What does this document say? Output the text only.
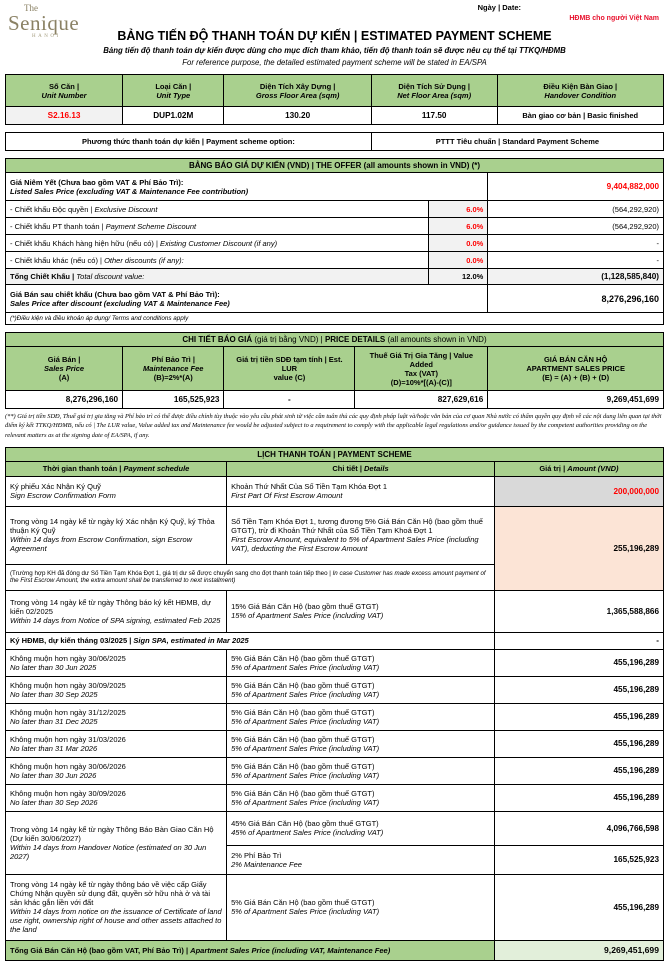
The
Senique
HANOI
Ngày | Date:
HĐMB cho người Việt Nam
BẢNG TIẾN ĐỘ THANH TOÁN DỰ KIẾN | ESTIMATED PAYMENT SCHEME
Bảng tiến độ thanh toán dự kiến được dùng cho mục đích tham khảo, tiến độ thanh toán sẽ được nêu cụ thể tại TTKQ/HĐMB
For reference purpose, the detailed estimated payment scheme will be stated in EA/SPA
Số Căn |
Unit Number	Loại Căn |
Unit Type	Diện Tích Xây Dựng |
Gross Floor Area (sqm)	Diện Tích Sử Dụng |
Net Floor Area (sqm)	Điều Kiện Bàn Giao |
Handover Condition

S2.16.13	DUP1.02M	130.20	117.50	Bàn giao cơ bản | Basic finished
Phương thức thanh toán dự kiến | Payment scheme option:	PTTT Tiêu chuẩn | Standard Payment Scheme
BẢNG BÁO GIÁ DỰ KIẾN (VND) | THE OFFER (all amounts shown in VND) (*)		

Giá Niêm Yết (Chưa bao gồm VAT & Phí Bảo Trì):
Listed Sales Price (excluding VAT & Maintenance Fee contribution)		9,404,882,000
- Chiết khấu Độc quyền | Exclusive Discount	6.0%	(564,292,920)
- Chiết khấu PT thanh toán | Payment Scheme Discount	6.0%	(564,292,920)
- Chiết khấu Khách hàng hiện hữu (nếu có) | Existing Customer Discount (if any)	0.0%	-
- Chiết khấu khác (nếu có) | Other discounts (if any):	0.0%	-
Tổng Chiết Khấu | Total discount value:	12.0%	(1,128,585,840)

Giá Bán sau chiết khấu (Chưa bao gồm VAT & Phí Bảo Trì):
Sales Price after discount (excluding VAT & Maintenance Fee)		8,276,296,160
(*)Điều kiện và điều khoản áp dụng/ Terms and conditions apply		
CHI TIẾT BÁO GIÁ (giá trị bằng VND) | PRICE DETAILS (all amounts shown in VND)				

Giá Bán |
Sales Price
(A)	Phí Bảo Trì |
Maintenance Fee
(B)=2%*(A)	Giá trị tiền SDĐ tạm tính | Est. LUR
value (C)	Thuế Giá Trị Gia Tăng | Value Added
Tax (VAT)
(D)=10%*[(A)-(C)]	GIÁ BÁN CĂN HỘ
APARTMENT SALES PRICE
(E) = (A) + (B) + (D)

8,276,296,160	165,525,923	-	827,629,616	9,269,451,699
(**) Giá trị tiền SDĐ, Thuế giá trị gia tăng và Phí bảo trì có thể được điều chỉnh tùy thuộc vào yêu cầu phát sinh từ việc cần tuân thủ các quy định pháp luật và/hoặc văn bản của cơ quan Nhà nước có thẩm quyền quy định về các nội dung liên quan tại thời điểm ký kết TTKQ/HĐMB, nếu có | The LUR value, Value added tax and Maintenance fee would be adjusted subject to a requirement to comply with the applicable legal regulations and/or guidance issued by the competent authorities providing on the relevant matters as at the signing date of EA/SPA, if any.
LỊCH THANH TOÁN | PAYMENT SCHEME		
Thời gian thanh toán | Payment schedule	Chi tiết | Details	Giá trị | Amount (VND)

Ký phiếu Xác Nhận Ký Quỹ
Sign Escrow Confirmation Form	Khoản Thứ Nhất Của Số Tiền Tạm Khóa Đợt 1
First Part Of First Escrow Amount	200,000,000

Trong vòng 14 ngày kể từ ngày ký Xác nhận Ký Quỹ, ký Thỏa thuận Ký Quỹ
Within 14 days from Escrow Confirmation, sign Escrow Agreement	Số Tiền Tạm Khóa Đợt 1, tương đương 5% Giá Bán Căn Hộ (bao gồm thuế GTGT), trừ đi Khoản Thứ Nhất của Số Tiền Tạm Khoá Đợt 1
First Escrow Amount, equivalent to 5% of Apartment Sales Price (including VAT), deducting the First Escrow Amount	255,196,289
(Trường hợp KH đã đóng dư Số Tiền Tạm Khóa Đợt 1, giá trị dư sẽ được chuyển sang cho đợt thanh toán tiếp theo | In case Customer has made excess amount payment of the First Escrow Amount, the extra amount shall be transferred to next installment)		

Trong vòng 14 ngày kể từ ngày Thông báo ký kết HĐMB, dự kiến 02/2025
Within 14 days from Notice of SPA signing, estimated Feb 2025	15% Giá Bán Căn Hộ (bao gồm thuế GTGT)
15% of Apartment Sales Price (including VAT)	1,365,588,866
Ký HĐMB, dự kiến tháng 03/2025 | Sign SPA, estimated in Mar 2025		-

Không muộn hơn ngày 30/06/2025
No later than 30 Jun 2025	5% Giá Bán Căn Hộ (bao gồm thuế GTGT)
5% of Apartment Sales Price (including VAT)	455,196,289

Không muộn hơn ngày 30/09/2025
No later than 30 Sep 2025	5% Giá Bán Căn Hộ (bao gồm thuế GTGT)
5% of Apartment Sales Price (including VAT)	455,196,289

Không muộn hơn ngày 31/12/2025
No later than 31 Dec 2025	5% Giá Bán Căn Hộ (bao gồm thuế GTGT)
5% of Apartment Sales Price (including VAT)	455,196,289

Không muộn hơn ngày 31/03/2026
No later than 31 Mar 2026	5% Giá Bán Căn Hộ (bao gồm thuế GTGT)
5% of Apartment Sales Price (including VAT)	455,196,289

Không muộn hơn ngày 30/06/2026
No later than 30 Jun 2026	5% Giá Bán Căn Hộ (bao gồm thuế GTGT)
5% of Apartment Sales Price (including VAT)	455,196,289

Không muộn hơn ngày 30/09/2026
No later than 30 Sep 2026	5% Giá Bán Căn Hộ (bao gồm thuế GTGT)
5% of Apartment Sales Price (including VAT)	455,196,289

Trong vòng 14 ngày kể từ ngày Thông Báo Bàn Giao Căn Hộ (Dự kiến 30/06/2027)
Within 14 days from Handover Notice (estimated on 30 Jun 2027)	45% Giá Bán Căn Hộ (bao gồm thuế GTGT)
45% of Apartment Sales Price (including VAT)	4,096,766,598

	2% Phí Bảo Trì
2% Maintenance Fee	165,525,923

Trong vòng 14 ngày kể từ ngày thông báo về việc cấp Giấy Chứng Nhận quyền sử dụng đất, quyền sở hữu nhà ở và tài sản khác gắn liền với đất
Within 14 days from notice on the issuance of Certificate of land use right, ownership right of house and other assets attached to the land	5% Giá Bán Căn Hộ (bao gồm thuế GTGT)
5% of Apartment Sales Price (including VAT)	455,196,289
Tổng Giá Bán Căn Hộ (bao gồm VAT, Phí Bảo Trì) | Apartment Sales Price (including VAT, Maintenance Fee)		9,269,451,699
